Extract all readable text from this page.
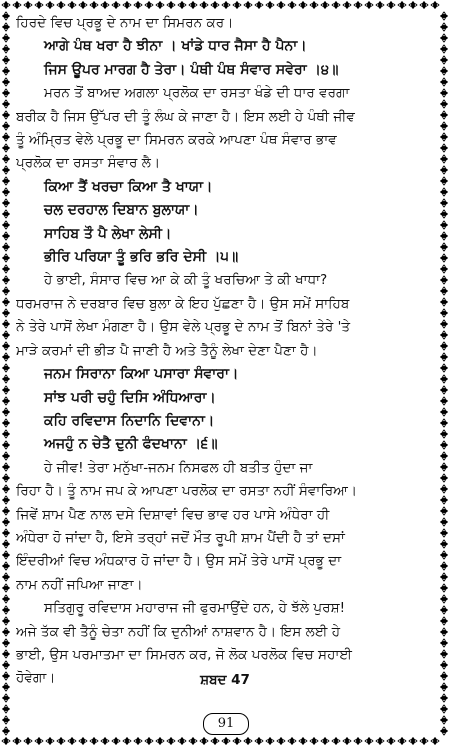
ਹਿਰਦੇ ਵਿਚ ਪ੍ਰਭੂ ਦੇ ਨਾਮ ਦਾ ਸਿਮਰਨ ਕਰ।
ਆਗੇ ਪੰਥ ਖਰਾ ਹੈ ਝੀਨਾ । ਖਾਂਡੇ ਧਾਰ ਜੈਸਾ ਹੈ ਪੈਨਾ।
ਜਿਸ ਊਪਰ ਮਾਰਗ ਹੈ ਤੇਰਾ। ਪੰਥੀ ਪੰਥ ਸੰਵਾਰ ਸਵੇਰਾ ।੪॥
ਮਰਨ ਤੋਂ ਬਾਅਦ ਅਗਲਾ ਪ੍ਰਲੋਕ ਦਾ ਰਸਤਾ ਖੰਡੇ ਦੀ ਧਾਰ ਵਰਗਾ
ਬਰੀਕ ਹੈ ਜਿਸ ਉੱਪਰ ਦੀ ਤੂੰ ਲੰਘ ਕੇ ਜਾਣਾ ਹੈ। ਇਸ ਲਈ ਹੇ ਪੰਥੀ ਜੀਵ
ਤੂੰ ਅੰਮ੍ਰਿਤ ਵੇਲੇ ਪ੍ਰਭੂ ਦਾ ਸਿਮਰਨ ਕਰਕੇ ਆਪਣਾ ਪੰਥ ਸੰਵਾਰ ਭਾਵ
ਪ੍ਰਲੋਕ ਦਾ ਰਸਤਾ ਸੰਵਾਰ ਲੈ।
ਕਿਆ ਤੈਂ ਖਰਚਾ ਕਿਆ ਤੈ ਖਾਯਾ।
ਚਲ ਦਰਹਾਲ ਦਿਬਾਨ ਬੁਲਾਯਾ।
ਸਾਹਿਬ ਤੌ ਪੈ ਲੇਖਾ ਲੇਸੀ।
ਭੀਰਿ ਪਰਿਯਾ ਤੂੰ ਭਰਿ ਭਰਿ ਦੇਸੀ ।੫॥
ਹੇ ਭਾਈ, ਸੰਸਾਰ ਵਿਚ ਆ ਕੇ ਕੀ ਤੂੰ ਖਰਚਿਆ ਤੇ ਕੀ ਖਾਧਾ?
ਧਰਮਰਾਜ ਨੇ ਦਰਬਾਰ ਵਿਚ ਬੁਲਾ ਕੇ ਇਹ ਪੁੱਛਣਾ ਹੈ। ਉਸ ਸਮੇਂ ਸਾਹਿਬ
ਨੇ ਤੇਰੇ ਪਾਸੋਂ ਲੇਖਾ ਮੰਗਣਾ ਹੈ। ਉਸ ਵੇਲੇ ਪ੍ਰਭੂ ਦੇ ਨਾਮ ਤੋਂ ਬਿਨਾਂ ਤੇਰੇ 'ਤੇ
ਮਾੜੇ ਕਰਮਾਂ ਦੀ ਭੀੜ ਪੈ ਜਾਣੀ ਹੈ ਅਤੇ ਤੈਨੂੰ ਲੇਖਾ ਦੇਣਾ ਪੈਣਾ ਹੈ।
ਜਨਮ ਸਿਰਾਨਾ ਕਿਆ ਪਸਾਰਾ ਸੰਵਾਰਾ।
ਸਾਂਝ ਪਰੀ ਚਹੁੰ ਦਿਸਿ ਅੰਧਿਆਰਾ।
ਕਹਿ ਰਵਿਦਾਸ ਨਿਦਾਨਿ ਦਿਵਾਨਾ।
ਅਜਹੁੰ ਨ ਚੇਤੈ ਦੁਨੀ ਫੰਦਖਾਨਾ ।੬॥
ਹੇ ਜੀਵ! ਤੇਰਾ ਮਨੁੱਖਾ-ਜਨਮ ਨਿਸਫਲ ਹੀ ਬਤੀਤ ਹੁੰਦਾ ਜਾ
ਰਿਹਾ ਹੈ। ਤੂੰ ਨਾਮ ਜਪ ਕੇ ਆਪਣਾ ਪਰਲੋਕ ਦਾ ਰਸਤਾ ਨਹੀਂ ਸੰਵਾਰਿਆ।
ਜਿਵੇਂ ਸ਼ਾਮ ਪੈਣ ਨਾਲ ਦਸੇ ਦਿਸ਼ਾਵਾਂ ਵਿਚ ਭਾਵ ਹਰ ਪਾਸੇ ਅੰਧੇਰਾ ਹੀ
ਅੰਧੇਰਾ ਹੋ ਜਾਂਦਾ ਹੈ, ਇਸੇ ਤਰ੍ਹਾਂ ਜਦੋਂ ਮੌਤ ਰੂਪੀ ਸ਼ਾਮ ਪੈਂਦੀ ਹੈ ਤਾਂ ਦਸਾਂ
ਇੰਦਰੀਆਂ ਵਿਚ ਅੰਧਕਾਰ ਹੋ ਜਾਂਦਾ ਹੈ। ਉਸ ਸਮੇਂ ਤੇਰੇ ਪਾਸੋਂ ਪ੍ਰਭੂ ਦਾ
ਨਾਮ ਨਹੀਂ ਜਪਿਆ ਜਾਣਾ।
ਸਤਿਗੁਰੂ ਰਵਿਦਾਸ ਮਹਾਰਾਜ ਜੀ ਫੁਰਮਾਉਂਦੇ ਹਨ, ਹੇ ਝੱਲੇ ਪੁਰਸ਼!
ਅਜੇ ਤੱਕ ਵੀ ਤੈਨੂੰ ਚੇਤਾ ਨਹੀਂ ਕਿ ਦੁਨੀਆਂ ਨਾਸ਼ਵਾਨ ਹੈ। ਇਸ ਲਈ ਹੇ
ਭਾਈ, ਉਸ ਪਰਮਾਤਮਾ ਦਾ ਸਿਮਰਨ ਕਰ, ਜੋ ਲੋਕ ਪਰਲੋਕ ਵਿਚ ਸਹਾਈ
ਹੋਵੇਗਾ।	ਸ਼ਬਦ 47
91
